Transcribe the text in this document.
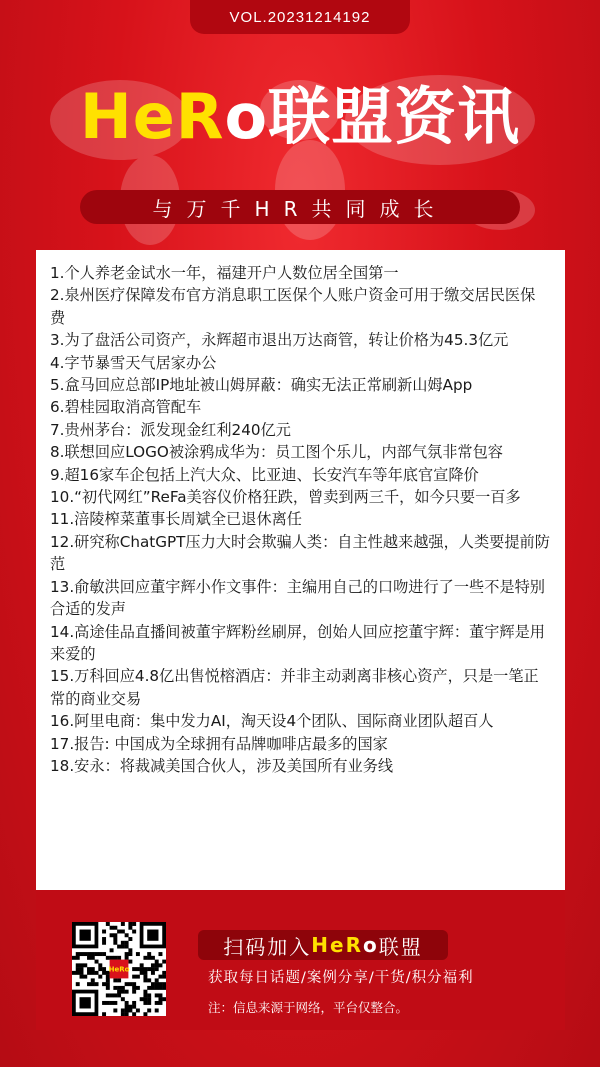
VOL.20231214192
HeRo联盟资讯
与万千HR共同成长
1.个人养老金试水一年，福建开户人数位居全国第一
2.泉州医疗保障发布官方消息职工医保个人账户资金可用于缴交居民医保费
3.为了盘活公司资产，永辉超市退出万达商管，转让价格为45.3亿元
4.字节暴雪天气居家办公
5.盒马回应总部IP地址被山姆屏蔽：确实无法正常刷新山姆App
6.碧桂园取消高管配车
7.贵州茅台：派发现金红利240亿元
8.联想回应LOGO被涂鸦成华为：员工图个乐儿，内部气氛非常包容
9.超16家车企包括上汽大众、比亚迪、长安汽车等年底官宣降价
10.“初代网红”ReFa美容仪价格狂跌，曾卖到两三千，如今只要一百多
11.涪陵榨菜董事长周斌全已退休离任
12.研究称ChatGPT压力大时会欺骗人类：自主性越来越强，人类要提前防范
13.俞敏洪回应董宇辉小作文事件：主编用自己的口吻进行了一些不是特别合适的发声
14.高途佳品直播间被董宇辉粉丝刷屏，创始人回应挖董宇辉：董宇辉是用来爱的
15.万科回应4.8亿出售悦榕酒店：并非主动剥离非核心资产，只是一笔正常的商业交易
16.阿里电商：集中发力AI，淘天设4个团队、国际商业团队超百人
17.报告: 中国成为全球拥有品牌咖啡店最多的国家
18.安永：将裁减美国合伙人，涉及美国所有业务线
HeRo
扫码加入 HeR o 联盟
获取每日话题/案例分享/干货/积分福利
注：信息来源于网络，平台仅整合。
